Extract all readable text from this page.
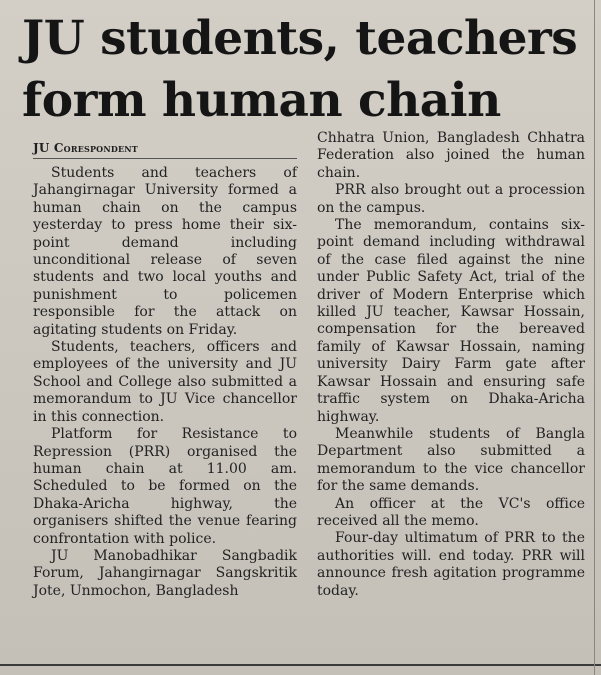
JU students, teachers
form human chain
JU Corespondent

Students and teachers of Jahangirnagar University formed a human chain on the campus yesterday to press home their six-point demand including unconditional release of seven students and two local youths and punishment to policemen responsible for the attack on agitating students on Friday.

Students, teachers, officers and employees of the university and JU School and College also submitted a memorandum to JU Vice chancellor in this connection.

Platform for Resistance to Repression (PRR) organised the human chain at 11.00 am. Scheduled to be formed on the Dhaka-Aricha highway, the organisers shifted the venue fearing confrontation with police.

JU Manobadhikar Sangbadik Forum, Jahangirnagar Sangskritik Jote, Unmochon, Bangladesh

Chhatra Union, Bangladesh Chhatra Federation also joined the human chain.

PRR also brought out a procession on the campus.

The memorandum, contains six-point demand including withdrawal of the case filed against the nine under Public Safety Act, trial of the driver of Modern Enterprise which killed JU teacher, Kawsar Hossain, compensation for the bereaved family of Kawsar Hossain, naming university Dairy Farm gate after Kawsar Hossain and ensuring safe traffic system on Dhaka-Aricha highway.

Meanwhile students of Bangla Department also submitted a memorandum to the vice chancellor for the same demands.

An officer at the VC's office received all the memo.

Four-day ultimatum of PRR to the authorities will. end today. PRR will announce fresh agitation programme today.
